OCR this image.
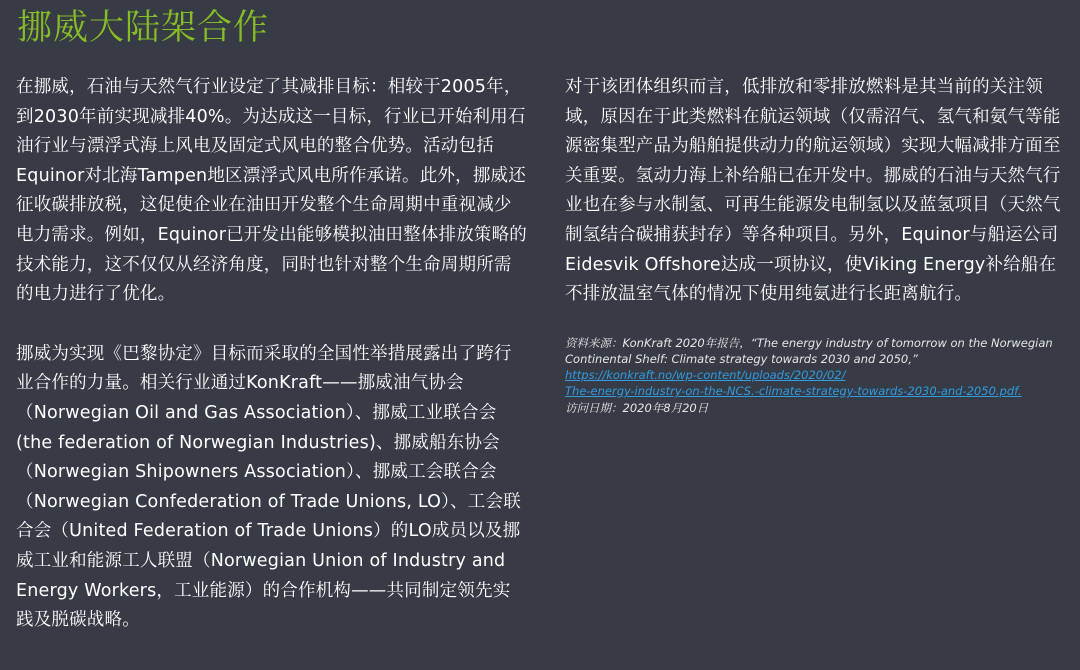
挪威大陆架合作

在挪威，石油与天然气行业设定了其减排目标：相较于2005年，到2030年前实现减排40%。为达成这一目标，行业已开始利用石油行业与漂浮式海上风电及固定式风电的整合优势。活动包括Equinor对北海Tampen地区漂浮式风电所作承诺。此外，挪威还征收碳排放税，这促使企业在油田开发整个生命周期中重视减少电力需求。例如，Equinor已开发出能够模拟油田整体排放策略的技术能力，这不仅仅从经济角度，同时也针对整个生命周期所需的电力进行了优化。

挪威为实现《巴黎协定》目标而采取的全国性举措展露出了跨行业合作的力量。相关行业通过KonKraft——挪威油气协会（Norwegian Oil and Gas Association）、挪威工业联合会(the federation of Norwegian Industries)、挪威船东协会（Norwegian Shipowners Association）、挪威工会联合会（Norwegian Confederation of Trade Unions, LO）、工会联合会（United Federation of Trade Unions）的LO成员以及挪威工业和能源工人联盟（Norwegian Union of Industry and Energy Workers，工业能源）的合作机构——共同制定领先实践及脱碳战略。

对于该团体组织而言，低排放和零排放燃料是其当前的关注领域，原因在于此类燃料在航运领域（仅需沼气、氢气和氨气等能源密集型产品为船舶提供动力的航运领域）实现大幅减排方面至关重要。氢动力海上补给船已在开发中。挪威的石油与天然气行业也在参与水制氢、可再生能源发电制氢以及蓝氢项目（天然气制氢结合碳捕获封存）等各种项目。另外，Equinor与船运公司Eidesvik Offshore达成一项协议，使Viking Energy补给船在不排放温室气体的情况下使用纯氨进行长距离航行。

资料来源：KonKraft 2020年报告，“The energy industry of tomorrow on the Norwegian Continental Shelf: Climate strategy towards 2030 and 2050,”
https://konkraft.no/wp-content/uploads/2020/02/
The-energy-industry-on-the-NCS.-climate-strategy-towards-2030-and-2050.pdf.
访问日期：2020年8月20日
